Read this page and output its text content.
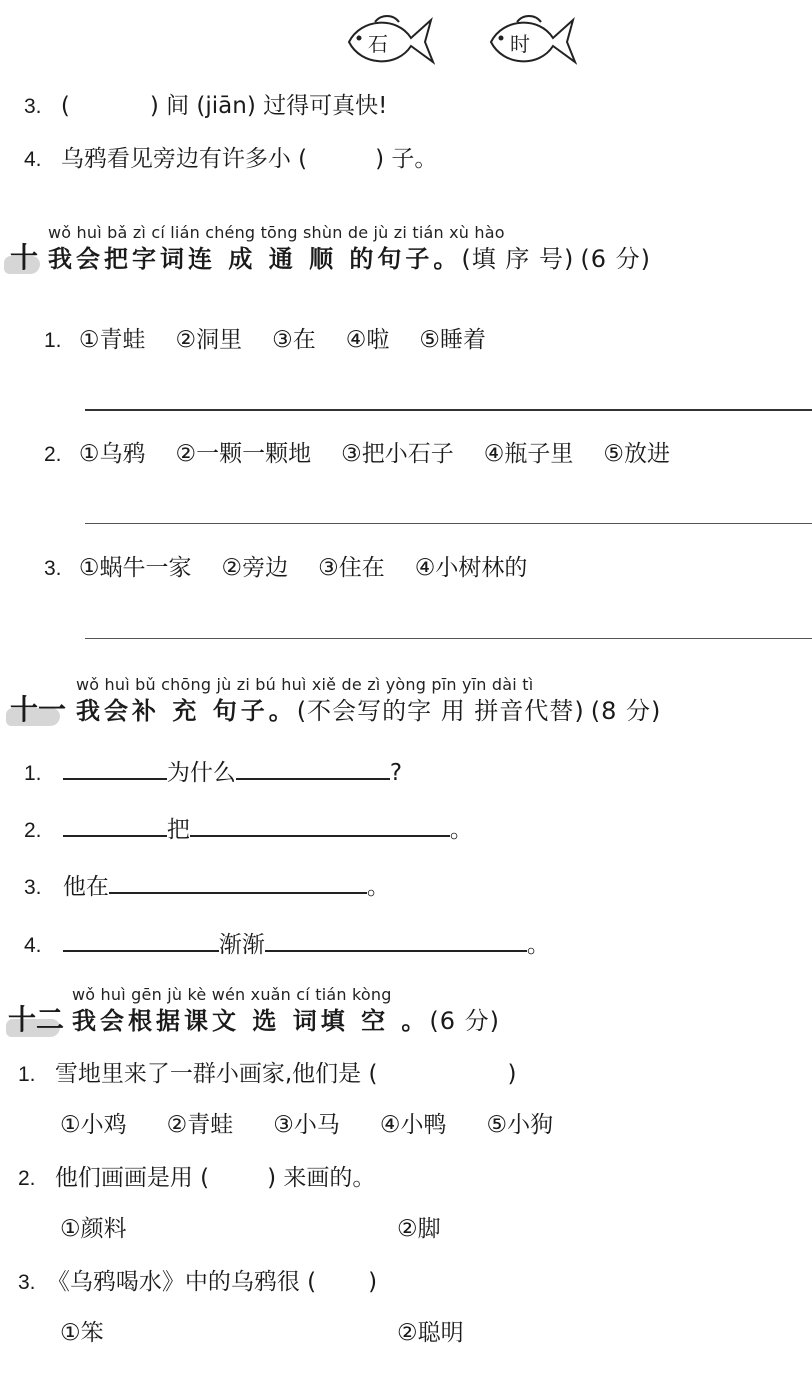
石	时
3. (	) 间 (jiān) 过得可真快!
4. 乌鸦看见旁边有许多小 (	) 子。
wǒ huì bǎ zì cí lián chéng tōng shùn de jù zi tián xù hào
十 我会把字词连 成 通 顺 的句子。(填 序 号) (6 分)
1. ①青蛙 ②洞里 ③在 ④啦 ⑤睡着
2. ①乌鸦 ②一颗一颗地 ③把小石子 ④瓶子里 ⑤放进
3. ①蜗牛一家 ②旁边 ③住在 ④小树林的
wǒ huì bǔ chōng jù zi bú huì xiě de zì yòng pīn yīn dài tì
十一 我会补 充 句子。(不会写的字 用 拼音代替) (8 分)
1.	为什么	?
2.	把	。
3. 他在	。
4.	渐渐	。
wǒ huì gēn jù kè wén xuǎn cí tián kòng
十二 我会根据课文 选 词填 空 。(6 分)
1. 雪地里来了一群小画家,他们是 (	)
①小鸡 ②青蛙 ③小马 ④小鸭 ⑤小狗
2. 他们画画是用 (	) 来画的。
①颜料	②脚
3. 《乌鸦喝水》中的乌鸦很 ( )
①笨	②聪明
